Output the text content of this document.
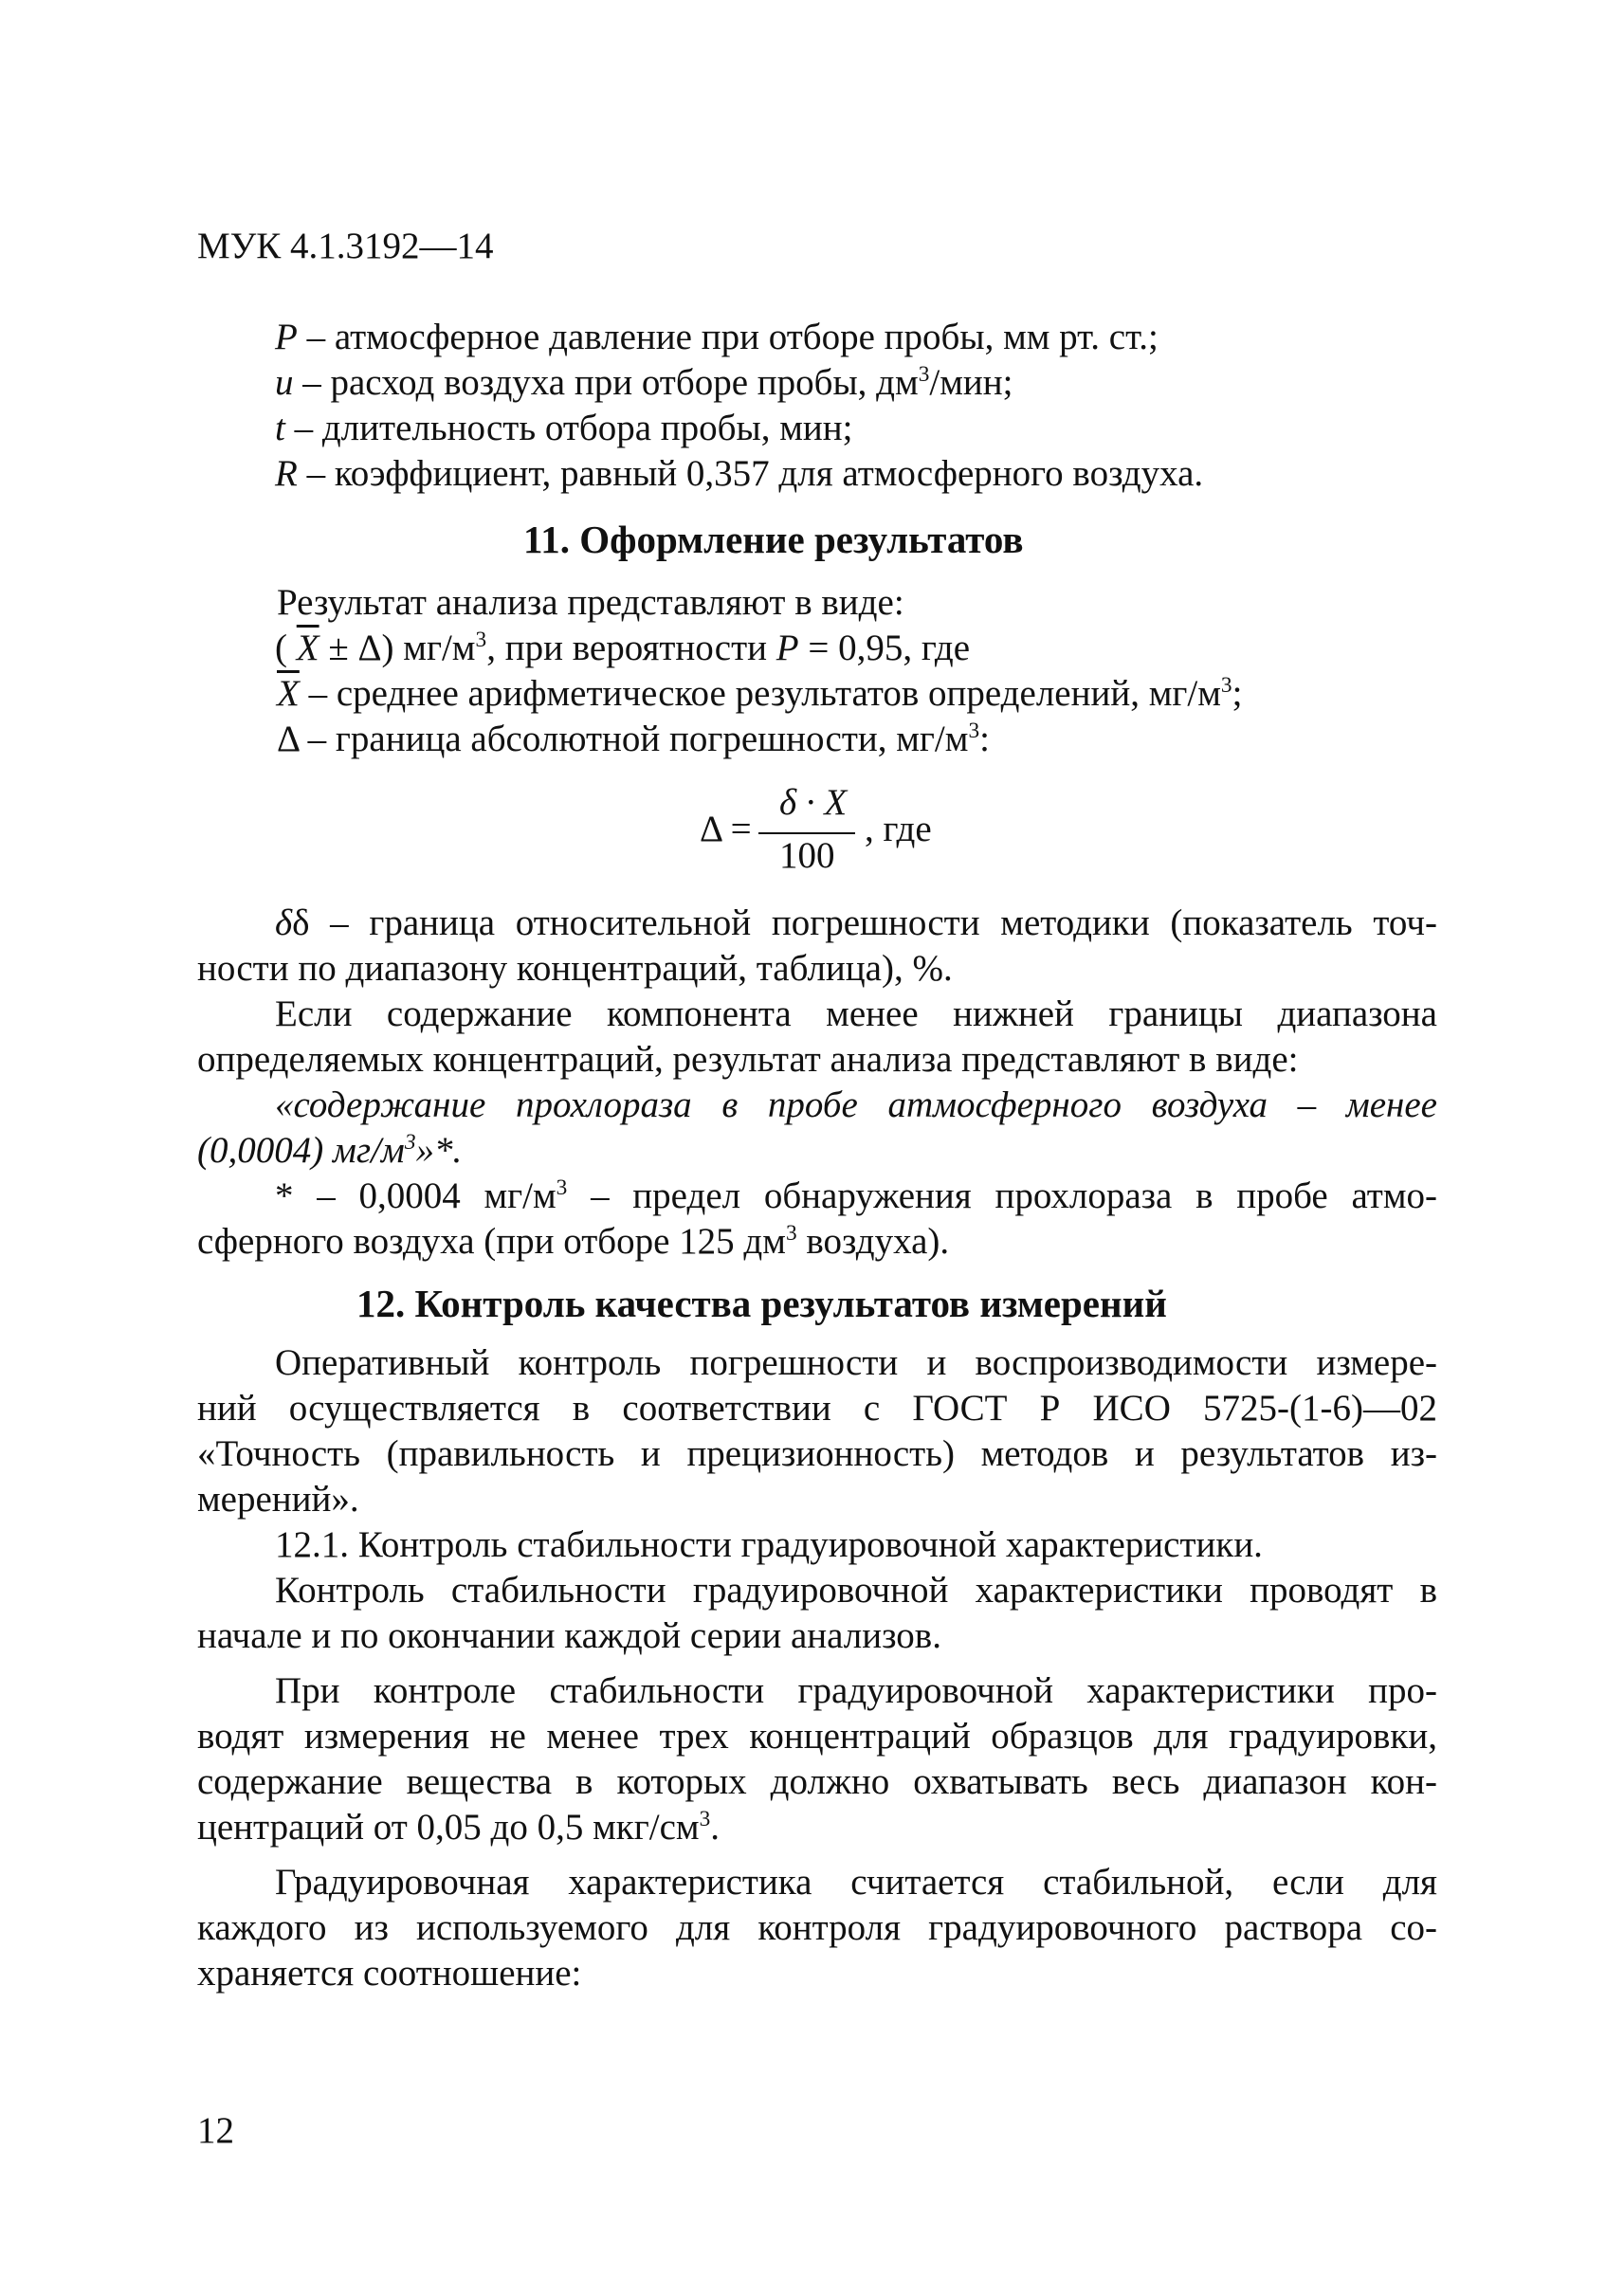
МУК 4.1.3192—14
P – атмосферное давление при отборе пробы, мм рт. ст.;
u – расход воздуха при отборе пробы, $дм^3$/мин;
t – длительность отбора пробы, мин;
R – коэффициент, равный 0,357 для атмосферного воздуха.
11. Оформление результатов
Результат анализа представляют в виде:
( $\overline{X} \pm \Delta$) $мг/м^3$, при вероятности P = 0,95, где
$\overline{X}$ – среднее арифметическое результатов определений, $мг/м^3$;
Δ – граница абсолютной погрешности, $мг/м^3$:
Δ =
δ · X
100
, где
δδ – граница относительной погрешности методики (показатель точ-
ности по диапазону концентраций, таблица), %.
Если содержание компонента менее нижней границы диапазона
определяемых концентраций, результат анализа представляют в виде:
«содержание прохлораза в пробе атмосферного воздуха – менее
(0,0004) $мг/м^3»*$.
* – 0,0004 $мг/м^3$ – предел обнаружения прохлораза в пробе атмо-
сферного воздуха (при отборе 125 $дм^3$ воздуха).
12. Контроль качества результатов измерений
Оперативный контроль погрешности и воспроизводимости измере-
ний осуществляется в соответствии с ГОСТ Р ИСО 5725-(1-6)—02
«Точность (правильность и прецизионность) методов и результатов из-
мерений».
12.1. Контроль стабильности градуировочной характеристики.
Контроль стабильности градуировочной характеристики проводят в
начале и по окончании каждой серии анализов.
При контроле стабильности градуировочной характеристики про-
водят измерения не менее трех концентраций образцов для градуировки,
содержание вещества в которых должно охватывать весь диапазон кон-
центраций от 0,05 до 0,5 мкг/$см^3$.
Градуировочная характеристика считается стабильной, если для
каждого из используемого для контроля градуировочного раствора со-
храняется соотношение:
12
